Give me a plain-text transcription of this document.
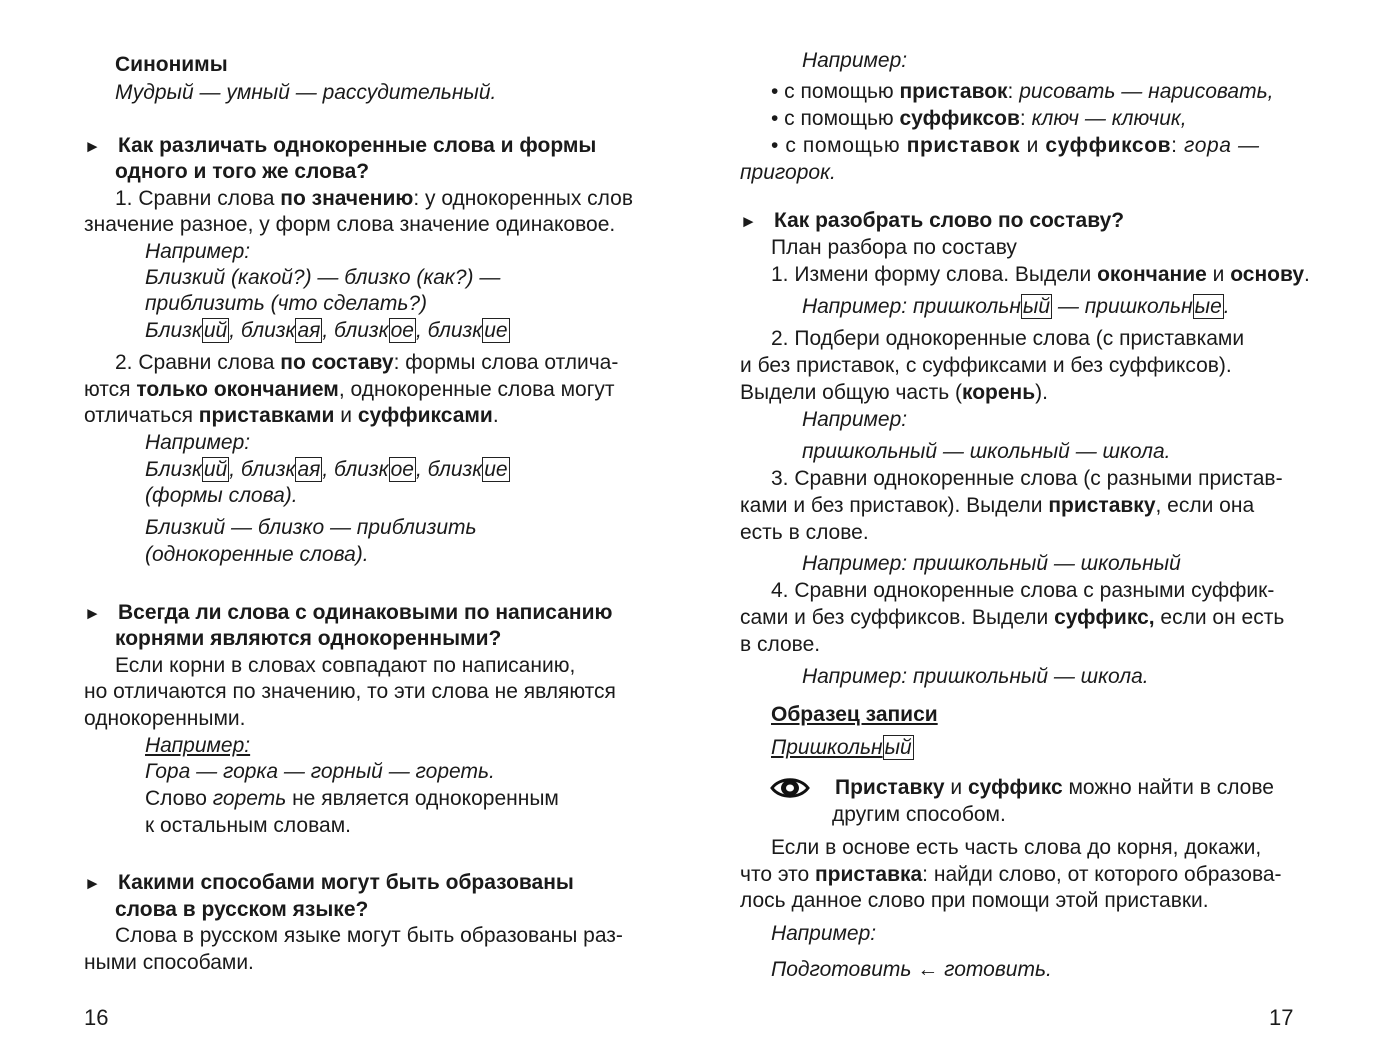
Синонимы
Мудрый — умный — рассудительный.
► Как различать однокоренные слова и формы
одного и того же слова?
1. Сравни слова по значению: у однокоренных слов
значение разное, у форм слова значение одинаковое.
Например:
Близкий (какой?) — близко (как?) —
приблизить (что сделать?)
Близкий, близкая, близкое, близкие
2. Сравни слова по составу: формы слова отлича-
ются только окончанием, однокоренные слова могут
отличаться приставками и суффиксами.
Например:
Близкий, близкая, близкое, близкие
(формы слова).
Близкий — близко — приблизить
(однокоренные слова).
► Всегда ли слова с одинаковыми по написанию
корнями являются однокоренными?
Если корни в словах совпадают по написанию,
но отличаются по значению, то эти слова не являются
однокоренными.
Например:
Гора — горка — горный — гореть.
Слово гореть не является однокоренным
к остальным словам.
► Какими способами могут быть образованы
слова в русском языке?
Слова в русском языке могут быть образованы раз-
ными способами.
16
Например:
• с помощью приставок: рисовать — нарисовать,
• с помощью суффиксов: ключ — ключик,
• с помощью приставок и суффиксов: гора —
пригорок.
► Как разобрать слово по составу?
План разбора по составу
1. Измени форму слова. Выдели окончание и основу.
Например: пришкольный — пришкольные.
2. Подбери однокоренные слова (с приставками
и без приставок, с суффиксами и без суффиксов).
Выдели общую часть (корень).
Например:
пришкольный — школьный — школа.
3. Сравни однокоренные слова (с разными пристав-
ками и без приставок). Выдели приставку, если она
есть в слове.
Например: пришкольный — школьный
4. Сравни однокоренные слова с разными суффик-
сами и без суффиксов. Выдели суффикс, если он есть
в слове.
Например: пришкольный — школа.
Образец записи
Пришкольный
Приставку и суффикс можно найти в слове
другим способом.
Если в основе есть часть слова до корня, докажи,
что это приставка: найди слово, от которого образова-
лось данное слово при помощи этой приставки.
Например:
Подготовить ← готовить.
17
